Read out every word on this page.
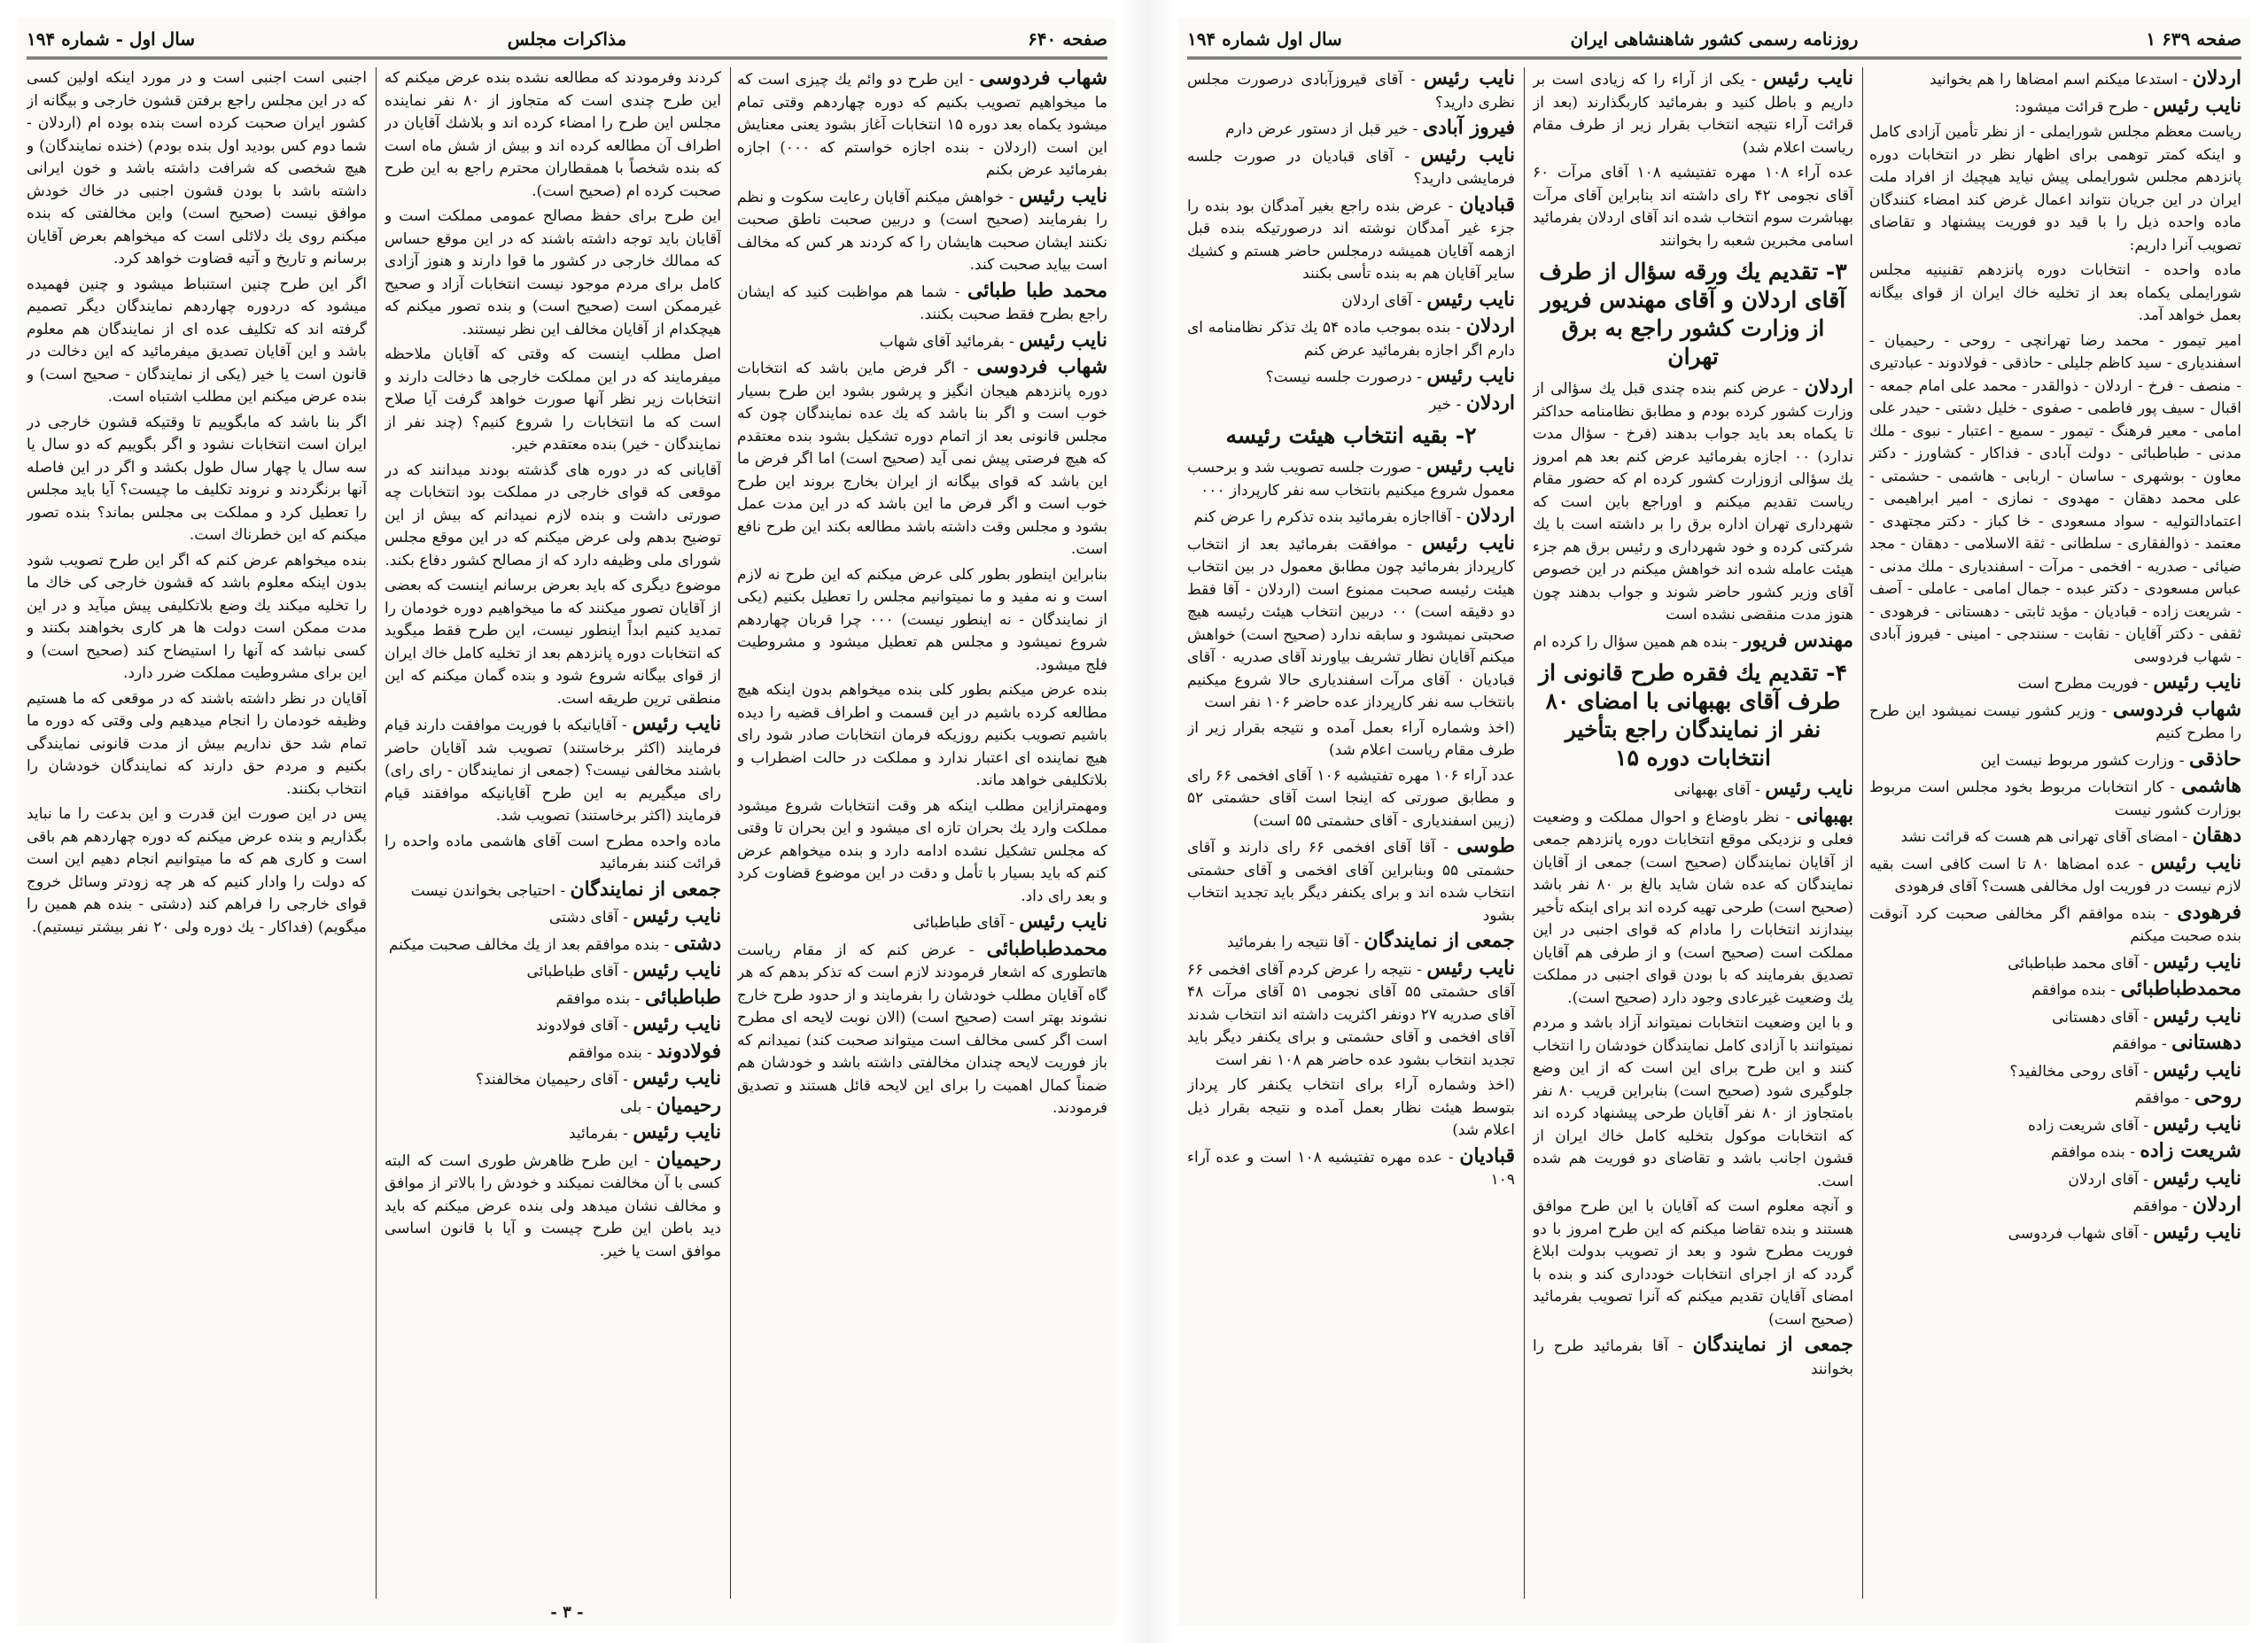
صفحه ۶۴۰
مذاکرات مجلس
سال اول - شماره ۱۹۴

شهاب فردوسی - این طرح دو وائم یك چیزی است كه ما میخواهیم تصویب بكنیم كه دوره چهاردهم وقتی تمام میشود یكماه بعد دوره ۱۵ انتخابات آغاز بشود یعنی معنایش این است (اردلان - بنده اجازه خواستم كه ۰۰۰) اجازه بفرمائید عرض بكنم

نایب رئیس - خواهش میكنم آقایان رعایت سکوت و نظم را بفرمایند (صحیح است) و دربین صحبت ناطق صحبت نكنند ایشان صحبت هایشان را كه كردند هر كس كه مخالف است بیاید صحبت كند.

محمد طبا طبائی - شما هم مواظبت كنید كه ایشان راجع بطرح فقط صحبت بكنند.

نایب رئیس - بفرمائید آقای شهاب

شهاب فردوسی - اگر فرض ماین باشد كه انتخابات دوره پانزدهم هیجان انگیز و پرشور بشود این طرح بسیار خوب است و اگر بنا باشد كه یك عده نمایندگان چون كه مجلس قانونی بعد از اتمام دوره تشکیل بشود بنده معتقدم كه هیچ فرصتی پیش نمی آید (صحیح است) اما اگر فرض ما این باشد كه قوای بیگانه از ایران بخارج بروند این طرح خوب است و اگر فرض ما این باشد كه در این مدت عمل بشود و مجلس وقت داشته باشد مطالعه بكند این طرح نافع است.

بنابراین اینطور بطور كلی عرض میكنم كه این طرح نه لازم است و نه مفید و ما نمیتوانیم مجلس را تعطیل بكنیم (یكی از نمایندگان - نه اینطور نیست) ۰۰۰ چرا قربان چهاردهم شروع نمیشود و مجلس هم تعطیل میشود و مشروطیت فلج میشود.

بنده عرض میكنم بطور كلی بنده میخواهم بدون اینكه هیچ مطالعه كرده باشیم در این قسمت و اطراف قضیه را دیده باشیم تصویب بكنیم روزیكه فرمان انتخابات صادر شود رای هیچ نماینده ای اعتبار ندارد و مملكت در حالت اضطراب و بلاتكلیفی خواهد ماند.

ومهمترازاین مطلب اینکه هر وقت انتخابات شروع میشود مملکت وارد یك بحران تازه ای میشود و این بحران تا وقتی كه مجلس تشکیل نشده ادامه دارد و بنده میخواهم عرض كنم كه باید بسیار با تأمل و دقت در این موضوع قضاوت كرد و بعد رای داد.

نایب رئیس - آقای طباطبائی

محمدطباطبائی - عرض كنم كه از مقام ریاست هاتطورى كه اشعار فرمودند لازم است كه تذكر بدهم كه هر گاه آقایان مطلب خودشان را بفرمایند و از حدود طرح خارج نشوند بهتر است (صحیح است) (الان نوبت لایحه ای مطرح است اگر كسی مخالف است میتواند صحبت كند) نمیدانم كه باز فوریت لایحه چندان مخالفتی داشته باشد و خودشان هم ضمناً كمال اهمیت را برای این لایحه قائل هستند و تصدیق فرمودند.

كردند وفرمودند كه مطالعه نشده بنده عرض میكنم كه این طرح چندی است كه متجاوز از ۸۰ نفر نماینده مجلس این طرح را امضاء كرده اند و بلاشك آقایان در اطراف آن مطالعه كرده اند و بیش از شش ماه است كه بنده شخصاً با همقطاران محترم راجع به این طرح صحبت كرده ام (صحیح است).

این طرح برای حفظ مصالح عمومی مملكت است و آقایان باید توجه داشته باشند كه در این موقع حساس كه ممالك خارجی در كشور ما قوا دارند و هنوز آزادی كامل برای مردم موجود نیست انتخابات آزاد و صحیح غیرممكن است (صحیح است) و بنده تصور میكنم كه هیچكدام از آقایان مخالف این نظر نیستند.

اصل مطلب اینست كه وقتی كه آقایان ملاحظه میفرمایند كه در این مملكت خارجی ها دخالت دارند و انتخابات زیر نظر آنها صورت خواهد گرفت آیا صلاح است كه ما انتخابات را شروع كنیم؟ (چند نفر از نمایندگان - خیر) بنده معتقدم خیر.

آقایانی كه در دوره های گذشته بودند میدانند كه در موقعی كه قوای خارجی در مملكت بود انتخابات چه صورتی داشت و بنده لازم نمیدانم كه بیش از این توضیح بدهم ولی عرض میكنم كه در این موقع مجلس شورای ملی وظیفه دارد كه از مصالح كشور دفاع بكند.

موضوع دیگری كه باید بعرض برسانم اینست كه بعضی از آقایان تصور میكنند كه ما میخواهیم دوره خودمان را تمدید كنیم ابداً اینطور نیست، این طرح فقط میگوید كه انتخابات دوره پانزدهم بعد از تخلیه كامل خاك ایران از قوای بیگانه شروع شود و بنده گمان میكنم كه این منطقی ترین طریقه است.

نایب رئیس - آقایانیكه با فوریت موافقت دارند قیام فرمایند (اکثر برخاستند) تصویب شد آقایان حاضر باشند مخالفی نیست؟ (جمعی از نمایندگان - رای رای) رای میگیریم به این طرح آقایانیكه موافقند قیام فرمایند (اکثر برخاستند) تصویب شد.

ماده واحده مطرح است آقای هاشمی ماده واحده را قرائت كنند بفرمائید

جمعی از نمایندگان - احتیاجی بخواندن نیست

نایب رئیس - آقای دشتی

دشتی - بنده موافقم بعد از یك مخالف صحبت میكنم

نایب رئیس - آقای طباطبائی

طباطبائی - بنده موافقم

نایب رئیس - آقای فولادوند

فولادوند - بنده موافقم

نایب رئیس - آقای رحیمیان مخالفند؟

رحیمیان - بلی

نایب رئیس - بفرمائید

رحیمیان - این طرح ظاهرش طوری است كه البته كسی با آن مخالفت نمیكند و خودش را بالاتر از موافق و مخالف نشان میدهد ولی بنده عرض میكنم كه باید دید باطن این طرح چیست و آیا با قانون اساسی موافق است یا خیر.

اجنبی است اجنبی است و در مورد اینكه اولین كسی كه در این مجلس راجع برفتن قشون خارجی و بیگانه از كشور ایران صحبت كرده است بنده بوده ام (اردلان - شما دوم كس بودید اول بنده بودم) (خنده نمایندگان) و هیچ شخصی كه شرافت داشته باشد و خون ایرانی داشته باشد با بودن قشون اجنبی در خاك خودش موافق نیست (صحیح است) واین مخالفتی كه بنده میكنم روی یك دلائلی است كه میخواهم بعرض آقایان برسانم و تاریخ و آتیه قضاوت خواهد كرد.

اگر این طرح چنین استنباط میشود و چنین فهمیده میشود كه دردوره چهاردهم نمایندگان دیگر تصمیم گرفته اند كه تكلیف عده ای از نمایندگان هم معلوم باشد و این آقایان تصدیق میفرمائید كه این دخالت در قانون است یا خیر (یكی از نمایندگان - صحیح است) و بنده عرض میكنم این مطلب اشتباه است.

اگر بنا باشد كه مابگوییم تا وقتیكه قشون خارجی در ایران است انتخابات نشود و اگر بگوییم كه دو سال یا سه سال یا چهار سال طول بكشد و اگر در این فاصله آنها برنگردند و نروند تكلیف ما چیست؟ آیا باید مجلس را تعطیل كرد و مملكت بی مجلس بماند؟ بنده تصور میكنم كه این خطرناك است.

بنده میخواهم عرض كنم كه اگر این طرح تصویب شود بدون اینكه معلوم باشد كه قشون خارجی كی خاك ما را تخلیه میكند یك وضع بلاتكلیفی پیش میآید و در این مدت ممكن است دولت ها هر كاری بخواهند بكنند و كسی نباشد كه آنها را استیضاح كند (صحیح است) و این برای مشروطیت مملكت ضرر دارد.

آقایان در نظر داشته باشند كه در موقعی كه ما هستیم وظیفه خودمان را انجام میدهیم ولی وقتی كه دوره ما تمام شد حق نداریم بیش از مدت قانونی نمایندگی بكنیم و مردم حق دارند كه نمایندگان خودشان را انتخاب بكنند.

پس در این صورت این قدرت و این بدعت را ما نباید بگذاریم و بنده عرض میكنم كه دوره چهاردهم هم باقی است و كاری هم كه ما میتوانیم انجام دهیم این است كه دولت را وادار كنیم كه هر چه زودتر وسائل خروج قوای خارجی را فراهم كند (دشتی - بنده هم همین را میگویم) (فداكار - یك دوره ولی ۲۰ نفر بیشتر نیستیم).

- ۳ -
۱ صفحه ۶۳۹
روزنامه رسمی کشور شاهنشاهی ایران
سال اول شماره ۱۹۴

اردلان - استدعا میكنم اسم امضاها را هم بخوانید

نایب رئیس - طرح قرائت میشود:

ریاست معظم مجلس شورایملی - از نظر تأمین آزادی كامل و اینكه كمتر توهمی برای اظهار نظر در انتخابات دوره پانزدهم مجلس شورایملی پیش نیاید هیچیك از افراد ملت ایران در این جریان نتواند اعمال غرض كند امضاء كنندگان ماده واحده ذیل را با قید دو فوریت پیشنهاد و تقاضای تصویب آنرا داریم:

ماده واحده - انتخابات دوره پانزدهم تقنینیه مجلس شورایملی یكماه بعد از تخلیه خاك ایران از قوای بیگانه بعمل خواهد آمد.

امیر تیمور - محمد رضا تهرانچی - روحی - رحیمیان - اسفندیاری - سید كاظم جلیلی - حاذقی - فولادوند - عبادتیری - منصف - فرخ - اردلان - ذوالقدر - محمد علی امام جمعه - اقبال - سیف پور فاطمی - صفوی - خلیل دشتی - حیدر علی امامی - معیر فرهنگ - تیمور - سمیع - اعتبار - نبوی - ملك مدنی - طباطبائی - دولت آبادی - فداكار - كشاورز - دكتر معاون - بوشهری - ساسان - اربابی - هاشمی - حشمتی - علی محمد دهقان - مهدوی - نمازی - امیر ابراهیمی - اعتمادالتولیه - سواد مسعودی - خا كباز - دكتر مجتهدی - معتمد - ذوالفقاری - سلطانی - ثقة الاسلامی - دهقان - مجد ضیائی - صدریه - افخمی - مرآت - اسفندیاری - ملك مدنی - عباس مسعودی - دكتر عبده - جمال امامی - عاملی - آصف - شریعت زاده - قبادیان - مؤید ثابتی - دهستانی - فرهودی - ثقفی - دكتر آقایان - نقابت - سنندجی - امینی - فیروز آبادی - شهاب فردوسی

نایب رئیس - فوریت مطرح است

شهاب فردوسی - وزیر كشور نیست نمیشود این طرح را مطرح كنیم

حاذقی - وزارت كشور مربوط نیست این

هاشمی - كار انتخابات مربوط بخود مجلس است مربوط بوزارت كشور نیست

دهقان - امضای آقای تهرانی هم هست كه قرائت نشد

نایب رئیس - عده امضاها ۸۰ تا است كافی است بقیه لازم نیست در فوریت اول مخالفی هست؟ آقای فرهودی

فرهودی - بنده موافقم اگر مخالفی صحبت كرد آنوقت بنده صحبت میكنم

نایب رئیس - آقای محمد طباطبائی

محمدطباطبائی - بنده موافقم

نایب رئیس - آقای دهستانی

دهستانی - موافقم

نایب رئیس - آقای روحی مخالفید؟

روحی - موافقم

نایب رئیس - آقای شریعت زاده

شریعت زاده - بنده موافقم

نایب رئیس - آقای اردلان

اردلان - موافقم

نایب رئیس - آقای شهاب فردوسی

نایب رئیس - یكی از آراء را كه زیادی است بر داریم و باطل كنید و بفرمائید كاربگذارند (بعد از قرائت آراء نتیجه انتخاب بقرار زیر از طرف مقام ریاست اعلام شد)

عده آراء ۱۰۸ مهره تفتیشیه ۱۰۸ آقای مرآت ۶۰ آقای نجومی ۴۲ رای داشته اند بنابراین آقای مرآت بهباشرت سوم انتخاب شده اند آقای اردلان بفرمائید اسامی مخبرین شعبه را بخوانند

۳- تقدیم یك ورقه سؤال از طرف آقای اردلان و آقای مهندس فریور از وزارت كشور راجع به برق تهران

اردلان - عرض كنم بنده چندی قبل یك سؤالی از وزارت كشور كرده بودم و مطابق نظامنامه حداكثر تا یكماه بعد باید جواب بدهند (فرخ - سؤال مدت ندارد) ۰۰ اجازه بفرمائید عرض كنم بعد هم امروز یك سؤالی ازوزارت كشور كرده ام كه حضور مقام ریاست تقدیم میكنم و اوراجع باین است كه شهرداری تهران اداره برق را بر داشته است با یك شركتی كرده و خود شهرداری و رئیس برق هم جزء هیئت عامله شده اند خواهش میكنم در این خصوص آقای وزیر كشور حاضر شوند و جواب بدهند چون هنوز مدت منقضی نشده است

مهندس فریور - بنده هم همین سؤال را كرده ام

۴- تقدیم یك فقره طرح قانونی از طرف آقای بهبهانی با امضای ۸۰ نفر از نمایندگان راجع بتأخیر انتخابات دوره ۱۵

نایب رئیس - آقای بهبهانی

بهبهانی - نظر باوضاع و احوال مملكت و وضعیت فعلی و نزدیكی موقع انتخابات دوره پانزدهم جمعی از آقایان نمایندگان (صحیح است) جمعی از آقایان نمایندگان كه عده شان شاید بالغ بر ۸۰ نفر باشد (صحیح است) طرحی تهیه كرده اند برای اینكه تأخیر بیندازند انتخابات را مادام كه قوای اجنبی در این مملكت است (صحیح است) و از طرفی هم آقایان تصدیق بفرمایند كه با بودن قوای اجنبی در مملكت یك وضعیت غیرعادی وجود دارد (صحیح است).

و با این وضعیت انتخابات نمیتواند آزاد باشد و مردم نمیتوانند با آزادی كامل نمایندگان خودشان را انتخاب كنند و این طرح برای این است كه از این وضع جلوگیری شود (صحیح است) بنابراین قریب ۸۰ نفر بامتجاوز از ۸۰ نفر آقایان طرحی پیشنهاد كرده اند كه انتخابات موكول بتخلیه كامل خاك ایران از قشون اجانب باشد و تقاضای دو فوریت هم شده است.

و آنچه معلوم است كه آقایان با این طرح موافق هستند و بنده تقاضا میكنم كه این طرح امروز با دو فوریت مطرح شود و بعد از تصویب بدولت ابلاغ گردد كه از اجرای انتخابات خودداری كند و بنده با امضای آقایان تقدیم میكنم كه آنرا تصویب بفرمائید (صحیح است)

جمعی از نمایندگان - آقا بفرمائید طرح را بخوانند

نایب رئیس - آقای فیروزآبادی درصورت مجلس نظری دارید؟

فیروز آبادی - خیر قبل از دستور عرض دارم

نایب رئیس - آقای قبادیان در صورت جلسه فرمایشی دارید؟

قبادیان - عرض بنده راجع بغیر آمدگان بود بنده را جزء غیر آمدگان نوشته اند درصورتیكه بنده قبل ازهمه آقایان همیشه درمجلس حاضر هستم و كشیك سایر آقایان هم به بنده تأسی بكنند

نایب رئیس - آقای اردلان

اردلان - بنده بموجب ماده ۵۴ یك تذكر نظامنامه ای دارم اگر اجازه بفرمائید عرض كنم

نایب رئیس - درصورت جلسه نیست؟

اردلان - خیر

۲- بقیه انتخاب هیئت رئیسه

نایب رئیس - صورت جلسه تصویب شد و برحسب معمول شروع میكنیم بانتخاب سه نفر كارپرداز ۰۰۰

اردلان - آقااجازه بفرمائید بنده تذكرم را عرض كنم

نایب رئیس - موافقت بفرمائید بعد از انتخاب كارپرداز بفرمائید چون مطابق معمول در بین انتخاب هیئت رئیسه صحبت ممنوع است (اردلان - آقا فقط دو دقیقه است) ۰۰ دربین انتخاب هیئت رئیسه هیچ صحبتی نمیشود و سابقه ندارد (صحیح است) خواهش میكنم آقایان نظار تشریف بیاورند آقای صدریه ۰ آقای قبادیان ۰ آقای مرآت اسفندیاری حالا شروع میكنیم بانتخاب سه نفر كارپرداز عده حاضر ۱۰۶ نفر است

(اخذ وشماره آراء بعمل آمده و نتیجه بقرار زیر از طرف مقام ریاست اعلام شد)

عدد آراء ۱۰۶ مهره تفتیشیه ۱۰۶ آقای افخمی ۶۶ رای و مطابق صورتی كه اینجا است آقای حشمتی ۵۲ (زیبن اسفندیاری - آقای حشمتی ۵۵ است)

طوسی - آقا آقای افخمی ۶۶ رای دارند و آقای حشمتی ۵۵ وبنابراین آقای افخمی و آقای حشمتی انتخاب شده اند و برای یكنفر دیگر باید تجدید انتخاب بشود

جمعی از نمایندگان - آقا نتیجه را بفرمائید

نایب رئیس - نتیجه را عرض كردم آقای افخمی ۶۶ آقای حشمتی ۵۵ آقای نجومی ۵۱ آقای مرآت ۴۸ آقای صدریه ۲۷ دونفر اكثریت داشته اند انتخاب شدند آقای افخمی و آقای حشمتی و برای یكنفر دیگر باید تجدید انتخاب بشود عده حاضر هم ۱۰۸ نفر است

(اخذ وشماره آراء برای انتخاب یكنفر كار پرداز بتوسط هیئت نظار بعمل آمده و نتیجه بقرار ذیل اعلام شد)

قبادیان - عده مهره تفتیشیه ۱۰۸ است و عده آراء ۱۰۹
